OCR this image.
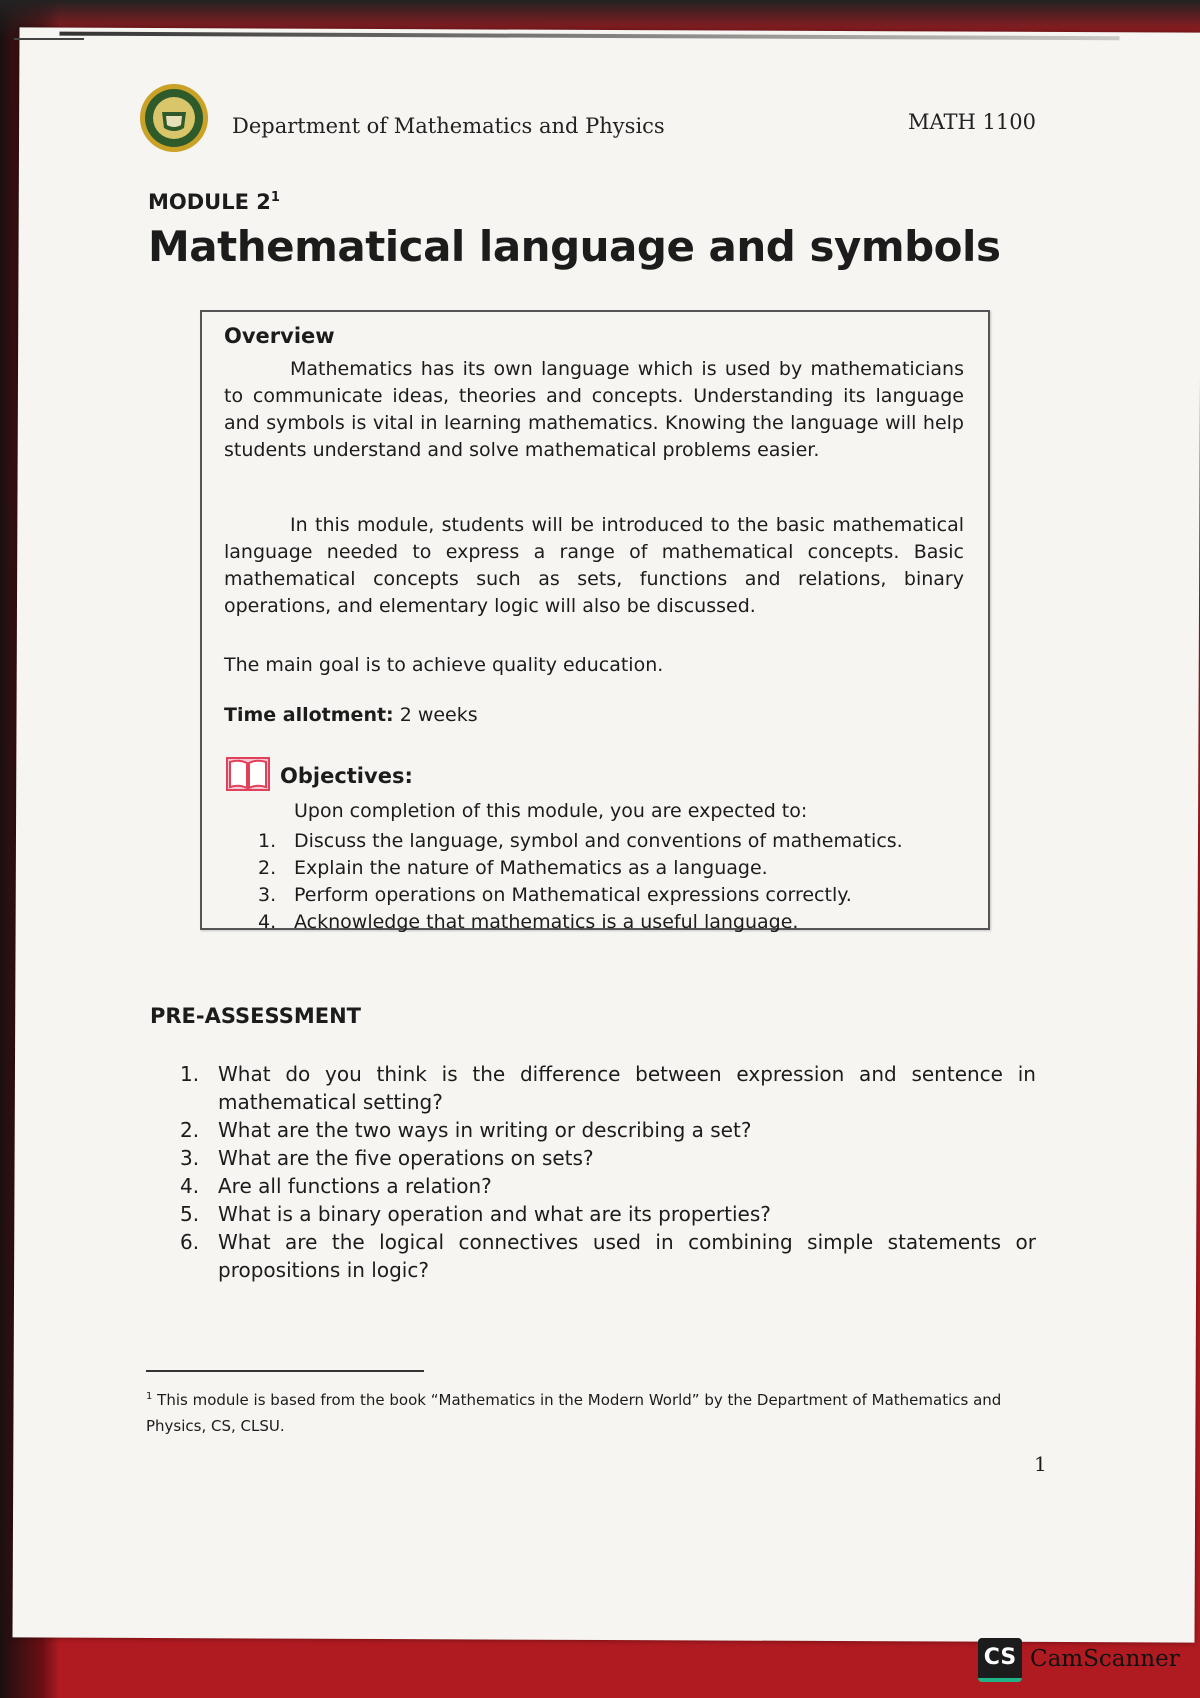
Department of Mathematics and Physics	MATH 1100
MODULE $2^1$
Mathematical language and symbols
Overview
Mathematics has its own language which is used by mathematicians to communicate ideas, theories and concepts. Understanding its language and symbols is vital in learning mathematics. Knowing the language will help students understand and solve mathematical problems easier.
In this module, students will be introduced to the basic mathematical language needed to express a range of mathematical concepts. Basic mathematical concepts such as sets, functions and relations, binary operations, and elementary logic will also be discussed.
The main goal is to achieve quality education.
Time allotment: 2 weeks
Objectives:
Upon completion of this module, you are expected to:
1. Discuss the language, symbol and conventions of mathematics.
2. Explain the nature of Mathematics as a language.
3. Perform operations on Mathematical expressions correctly.
4. Acknowledge that mathematics is a useful language.
PRE-ASSESSMENT
1. What do you think is the difference between expression and sentence in mathematical setting?
2. What are the two ways in writing or describing a set?
3. What are the five operations on sets?
4. Are all functions a relation?
5. What is a binary operation and what are its properties?
6. What are the logical connectives used in combining simple statements or propositions in logic?
$^1$ This module is based from the book “Mathematics in the Modern World” by the Department of Mathematics and Physics, CS, CLSU.
1
CS CamScanner
